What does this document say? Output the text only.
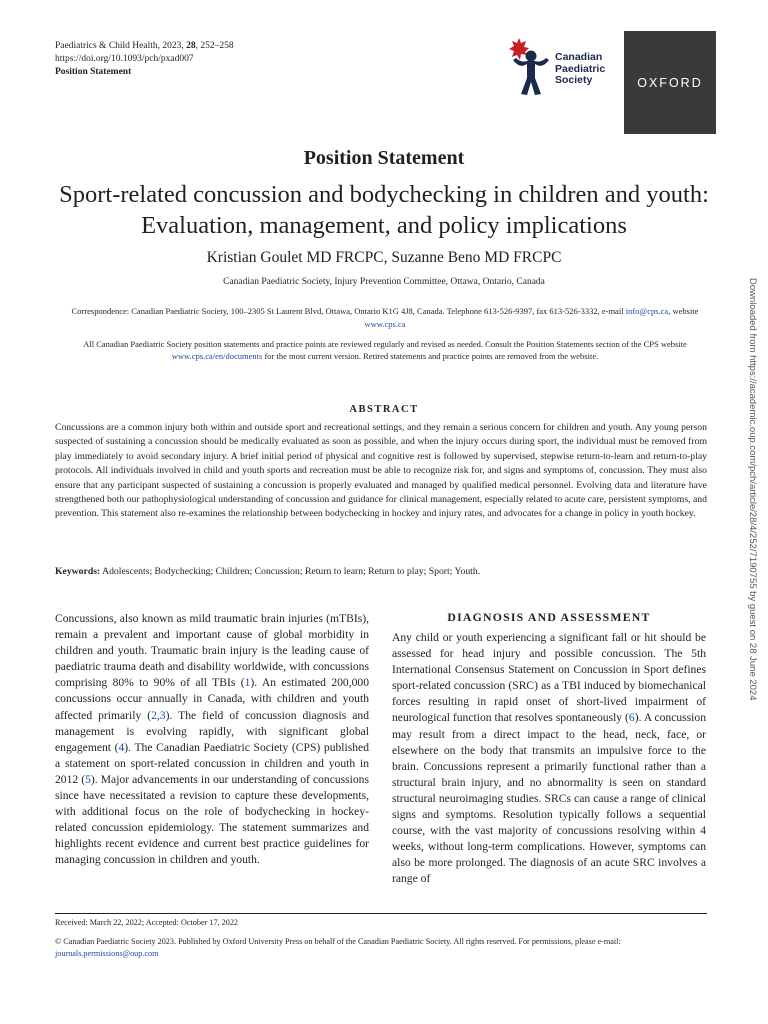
Paediatrics & Child Health, 2023, 28, 252–258
https://doi.org/10.1093/pch/pxad007
Position Statement
Canadian
Paediatric
Society	OXFORD
Position Statement
Sport-related concussion and bodychecking in children and youth: Evaluation, management, and policy implications
Kristian Goulet MD FRCPC, Suzanne Beno MD FRCPC
Canadian Paediatric Society, Injury Prevention Committee, Ottawa, Ontario, Canada
Correspondence: Canadian Paediatric Society, 100–2305 St Laurent Blvd, Ottawa, Ontario K1G 4J8, Canada. Telephone 613-526-9397, fax 613-526-3332, e-mail info@cps.ca, website www.cps.ca
All Canadian Paediatric Society position statements and practice points are reviewed regularly and revised as needed. Consult the Position Statements section of the CPS website www.cps.ca/en/documents for the most current version. Retired statements and practice points are removed from the website.
ABSTRACT
Concussions are a common injury both within and outside sport and recreational settings, and they remain a serious concern for children and youth. Any young person suspected of sustaining a concussion should be medically evaluated as soon as possible, and when the injury occurs during sport, the individual must be removed from play immediately to avoid secondary injury. A brief initial period of physical and cognitive rest is followed by supervised, stepwise return-to-learn and return-to-play protocols. All individuals involved in child and youth sports and recreation must be able to recognize risk for, and signs and symptoms of, concussion. They must also ensure that any participant suspected of sustaining a concussion is properly evaluated and managed by qualified medical personnel. Evolving data and literature have strengthened both our pathophysiological understanding of concussion and guidance for clinical management, especially related to acute care, persistent symptoms, and prevention. This statement also re-examines the relationship between bodychecking in hockey and injury rates, and advocates for a change in policy in youth hockey.
Keywords: Adolescents; Bodychecking; Children; Concussion; Return to learn; Return to play; Sport; Youth.
Concussions, also known as mild traumatic brain injuries (mTBIs), remain a prevalent and important cause of global morbidity in children and youth. Traumatic brain injury is the leading cause of paediatric trauma death and disability worldwide, with concussions comprising 80% to 90% of all TBIs (1). An estimated 200,000 concussions occur annually in Canada, with children and youth affected primarily (2,3). The field of concussion diagnosis and management is evolving rapidly, with significant global engagement (4). The Canadian Paediatric Society (CPS) published a statement on sport-related concussion in children and youth in 2012 (5). Major advancements in our understanding of concussions since have necessitated a revision to capture these developments, with additional focus on the role of bodychecking in hockey-related concussion epidemiology. The statement summarizes and highlights recent evidence and current best practice guidelines for managing concussion in children and youth.
DIAGNOSIS AND ASSESSMENT
Any child or youth experiencing a significant fall or hit should be assessed for head injury and possible concussion. The 5th International Consensus Statement on Concussion in Sport defines sport-related concussion (SRC) as a TBI induced by biomechanical forces resulting in rapid onset of short-lived impairment of neurological function that resolves spontaneously (6). A concussion may result from a direct impact to the head, neck, face, or elsewhere on the body that transmits an impulsive force to the brain. Concussions represent a primarily functional rather than a structural brain injury, and no abnormality is seen on standard structural neuroimaging studies. SRCs can cause a range of clinical signs and symptoms. Resolution typically follows a sequential course, with the vast majority of concussions resolving within 4 weeks, without long-term complications. However, symptoms can also be more prolonged. The diagnosis of an acute SRC involves a range of
Received: March 22, 2022; Accepted: October 17, 2022
© Canadian Paediatric Society 2023. Published by Oxford University Press on behalf of the Canadian Paediatric Society. All rights reserved. For permissions, please e-mail: journals.permissions@oup.com
Downloaded from https://academic.oup.com/pch/article/28/4/252/7190755 by guest on 28 June 2024
